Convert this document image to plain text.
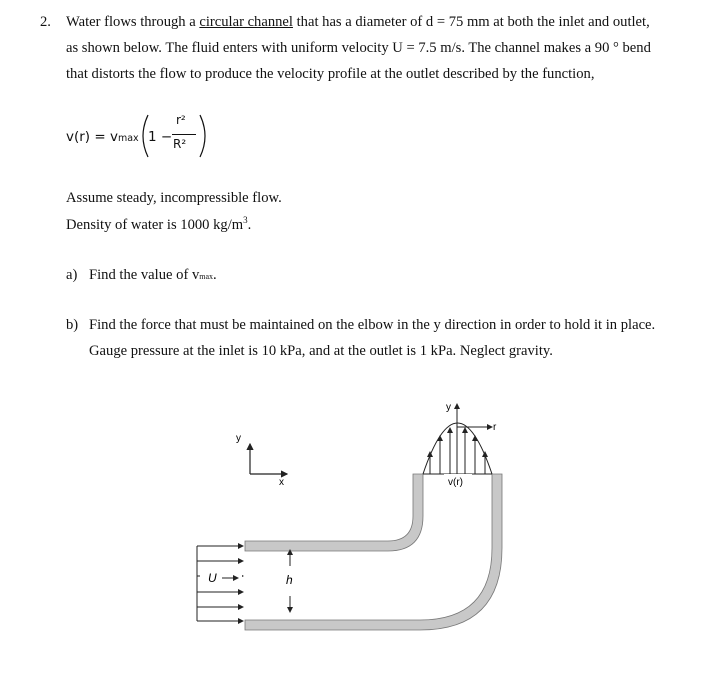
2. Water flows through a circular channel that has a diameter of d = 75 mm at both the inlet and outlet,
as shown below. The fluid enters with uniform velocity U = 7.5 m/s. The channel makes a 90 ° bend
that distorts the flow to produce the velocity profile at the outlet described by the function,
v(r) = vmax 1 −
r²
R²
Assume steady, incompressible flow.
Density of water is 1000 $kg/m^3$.
a) Find the value of vmax.
b) Find the force that must be maintained on the elbow in the y direction in order to hold it in place.
Gauge pressure at the inlet is 10 kPa, and at the outlet is 1 kPa. Neglect gravity.
y
x
U	h
v(r)
y
r
